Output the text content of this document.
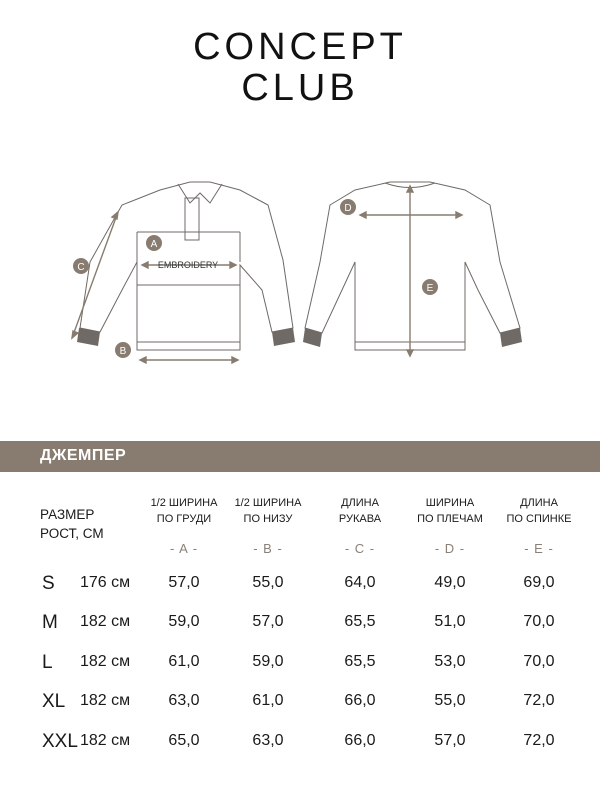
CONCEPT
CLUB
A
B
C
D
E
EMBROIDERY
ДЖЕМПЕР
РАЗМЕР
РОСТ, СМ
1/2 ШИРИНА
ПО ГРУДИ
1/2 ШИРИНА
ПО НИЗУ
ДЛИНА
РУКАВА
ШИРИНА
ПО ПЛЕЧАМ
ДЛИНА
ПО СПИНКЕ
- A -	- B -	- C -	- D -	- E -
S 176 см	57,0	55,0	64,0	49,0	69,0
M 182 см	59,0	57,0	65,5	51,0	70,0
L 182 см	61,0	59,0	65,5	53,0	70,0
XL 182 см	63,0	61,0	66,0	55,0	72,0
XXL 182 см	65,0	63,0	66,0	57,0	72,0
